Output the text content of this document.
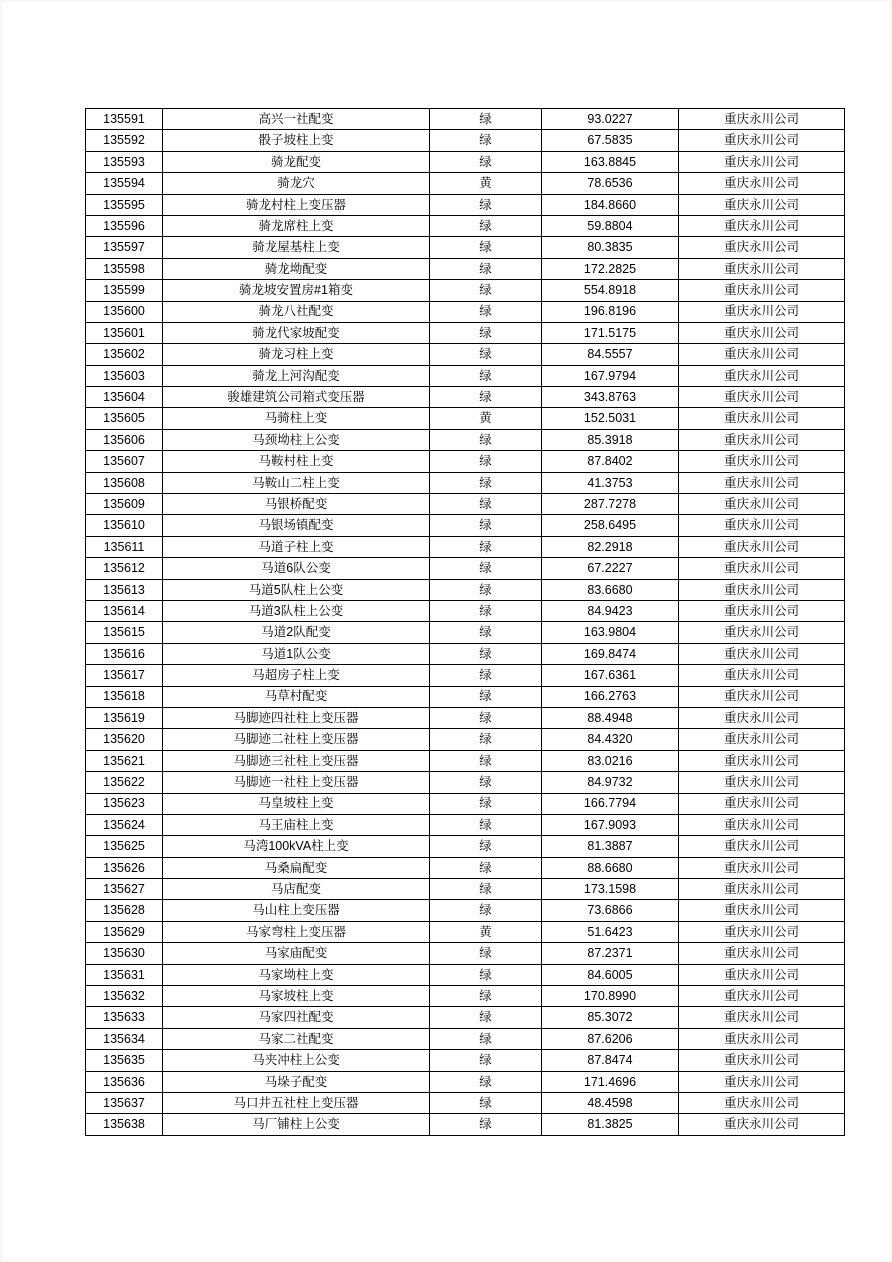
135591	高兴一社配变	绿	93.0227	重庆永川公司
135592	骰子坡柱上变	绿	67.5835	重庆永川公司
135593	骑龙配变	绿	163.8845	重庆永川公司
135594	骑龙穴	黄	78.6536	重庆永川公司
135595	骑龙村柱上变压器	绿	184.8660	重庆永川公司
135596	骑龙席柱上变	绿	59.8804	重庆永川公司
135597	骑龙屋基柱上变	绿	80.3835	重庆永川公司
135598	骑龙坳配变	绿	172.2825	重庆永川公司
135599	骑龙坡安置房#1箱变	绿	554.8918	重庆永川公司
135600	骑龙八社配变	绿	196.8196	重庆永川公司
135601	骑龙代家坡配变	绿	171.5175	重庆永川公司
135602	骑龙习柱上变	绿	84.5557	重庆永川公司
135603	骑龙上河沟配变	绿	167.9794	重庆永川公司
135604	骏雄建筑公司箱式变压器	绿	343.8763	重庆永川公司
135605	马骑柱上变	黄	152.5031	重庆永川公司
135606	马颈坳柱上公变	绿	85.3918	重庆永川公司
135607	马鞍村柱上变	绿	87.8402	重庆永川公司
135608	马鞍山二柱上变	绿	41.3753	重庆永川公司
135609	马银桥配变	绿	287.7278	重庆永川公司
135610	马银场镇配变	绿	258.6495	重庆永川公司
135611	马道子柱上变	绿	82.2918	重庆永川公司
135612	马道6队公变	绿	67.2227	重庆永川公司
135613	马道5队柱上公变	绿	83.6680	重庆永川公司
135614	马道3队柱上公变	绿	84.9423	重庆永川公司
135615	马道2队配变	绿	163.9804	重庆永川公司
135616	马道1队公变	绿	169.8474	重庆永川公司
135617	马超房子柱上变	绿	167.6361	重庆永川公司
135618	马草村配变	绿	166.2763	重庆永川公司
135619	马脚迹四社柱上变压器	绿	88.4948	重庆永川公司
135620	马脚迹二社柱上变压器	绿	84.4320	重庆永川公司
135621	马脚迹三社柱上变压器	绿	83.0216	重庆永川公司
135622	马脚迹一社柱上变压器	绿	84.9732	重庆永川公司
135623	马皇坡柱上变	绿	166.7794	重庆永川公司
135624	马王庙柱上变	绿	167.9093	重庆永川公司
135625	马湾100kVA柱上变	绿	81.3887	重庆永川公司
135626	马桑扁配变	绿	88.6680	重庆永川公司
135627	马店配变	绿	173.1598	重庆永川公司
135628	马山柱上变压器	绿	73.6866	重庆永川公司
135629	马家弯柱上变压器	黄	51.6423	重庆永川公司
135630	马家庙配变	绿	87.2371	重庆永川公司
135631	马家坳柱上变	绿	84.6005	重庆永川公司
135632	马家坡柱上变	绿	170.8990	重庆永川公司
135633	马家四社配变	绿	85.3072	重庆永川公司
135634	马家二社配变	绿	87.6206	重庆永川公司
135635	马夹冲柱上公变	绿	87.8474	重庆永川公司
135636	马垛子配变	绿	171.4696	重庆永川公司
135637	马口井五社柱上变压器	绿	48.4598	重庆永川公司
135638	马厂铺柱上公变	绿	81.3825	重庆永川公司
